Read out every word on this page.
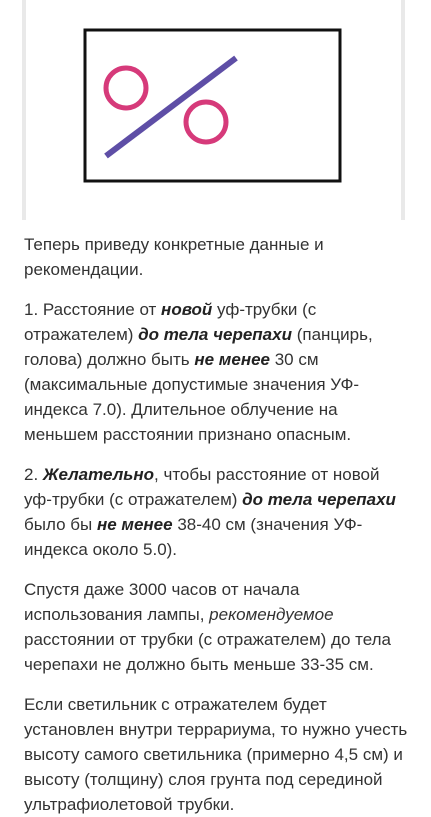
Теперь приведу конкретные данные и рекомендации.

1. Расстояние от новой уф-трубки (с отражателем) до тела черепахи (панцирь, голова) должно быть не менее 30 см (максимальные допустимые значения УФ-индекса 7.0). Длительное облучение на меньшем расстоянии признано опасным.

2. Желательно, чтобы расстояние от новой уф-трубки (с отражателем) до тела черепахи было бы не менее 38-40 см (значения УФ-индекса около 5.0).

Спустя даже 3000 часов от начала использования лампы, рекомендуемое расстоянии от трубки (с отражателем) до тела черепахи не должно быть меньше 33-35 см.

Если светильник с отражателем будет установлен внутри террариума, то нужно учесть высоту самого светильника (примерно 4,5 см) и высоту (толщину) слоя грунта под серединой ультрафиолетовой трубки.
